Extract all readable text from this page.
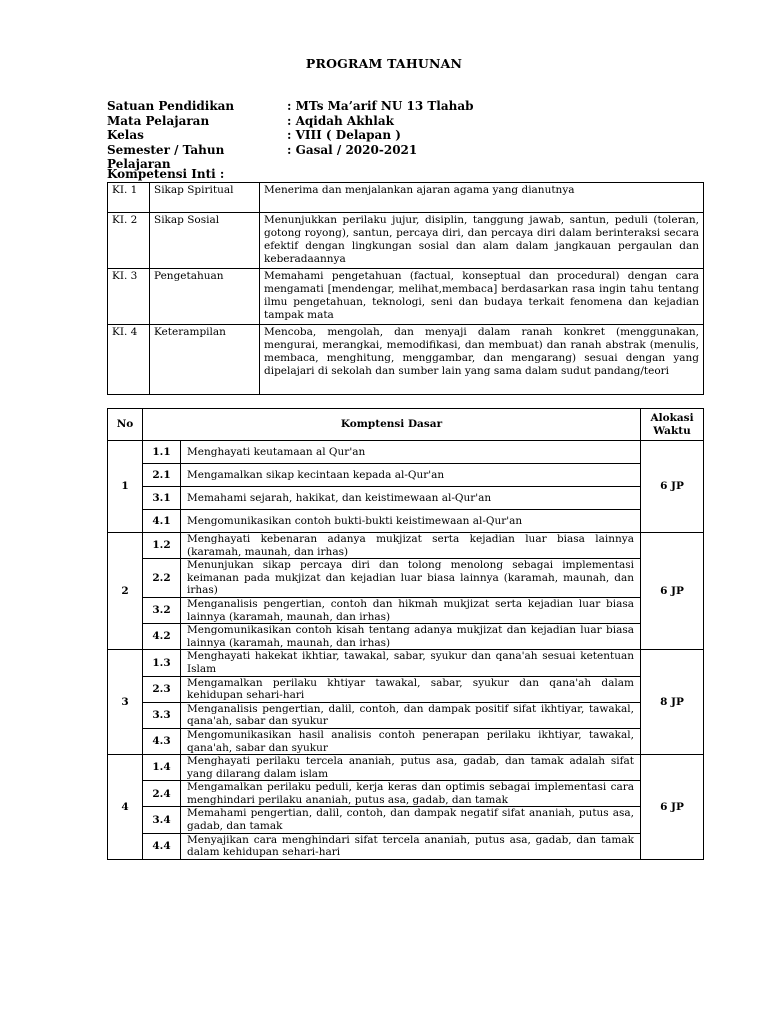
PROGRAM TAHUNAN
Satuan Pendidikan	: MTs Ma’arif NU 13 Tlahab
Mata Pelajaran	: Aqidah Akhlak
Kelas	: VIII ( Delapan )
Semester / Tahun Pelajaran
: Gasal / 2020-2021
Kompetensi Inti :
KI. 1	Sikap Spiritual	Menerima dan menjalankan ajaran agama yang dianutnya
KI. 2	Sikap Sosial	Menunjukkan perilaku jujur, disiplin, tanggung jawab, santun, peduli (toleran, gotong royong), santun, percaya diri, dan percaya diri dalam berinteraksi secara efektif dengan lingkungan sosial dan alam dalam jangkauan pergaulan dan keberadaannya
KI. 3	Pengetahuan	Memahami pengetahuan (factual, konseptual dan procedural) dengan cara mengamati [mendengar, melihat,membaca] berdasarkan rasa ingin tahu tentang ilmu pengetahuan, teknologi, seni dan budaya terkait fenomena dan kejadian tampak mata
KI. 4	Keterampilan	Mencoba, mengolah, dan menyaji dalam ranah konkret (menggunakan, mengurai, merangkai, memodifikasi, dan membuat) dan ranah abstrak (menulis, membaca, menghitung, menggambar, dan mengarang) sesuai dengan yang dipelajari di sekolah dan sumber lain yang sama dalam sudut pandang/teori
No	Komptensi Dasar		Alokasi Waktu
1	1.1	Menghayati keutamaan al Qur'an	6 JP
	2.1	Mengamalkan sikap kecintaan kepada al-Qur'an	
	3.1	Memahami sejarah, hakikat, dan keistimewaan al-Qur'an	
	4.1	Mengomunikasikan contoh bukti-bukti keistimewaan al-Qur'an	
2	1.2	Menghayati kebenaran adanya mukjizat serta kejadian luar biasa lainnya (karamah, maunah, dan irhas)	6 JP
	2.2	Menunjukan sikap percaya diri dan tolong menolong sebagai implementasi keimanan pada mukjizat dan kejadian luar biasa lainnya (karamah, maunah, dan irhas)	
	3.2	Menganalisis pengertian, contoh dan hikmah mukjizat serta kejadian luar biasa lainnya (karamah, maunah, dan irhas)	
	4.2	Mengomunikasikan contoh kisah tentang adanya mukjizat dan kejadian luar biasa lainnya (karamah, maunah, dan irhas)	
3	1.3	Menghayati hakekat ikhtiar, tawakal, sabar, syukur dan qana'ah sesuai ketentuan Islam	8 JP
	2.3	Mengamalkan perilaku khtiyar tawakal, sabar, syukur dan qana'ah dalam kehidupan sehari-hari	
	3.3	Menganalisis pengertian, dalil, contoh, dan dampak positif sifat ikhtiyar, tawakal, qana'ah, sabar dan syukur	
	4.3	Mengomunikasikan hasil analisis contoh penerapan perilaku ikhtiyar, tawakal, qana'ah, sabar dan syukur	
4	1.4	Menghayati perilaku tercela ananiah, putus asa, gadab, dan tamak adalah sifat yang dilarang dalam islam	6 JP
	2.4	Mengamalkan perilaku peduli, kerja keras dan optimis sebagai implementasi cara menghindari perilaku ananiah, putus asa, gadab, dan tamak	
	3.4	Memahami pengertian, dalil, contoh, dan dampak negatif sifat ananiah, putus asa, gadab, dan tamak	
	4.4	Menyajikan cara menghindari sifat tercela ananiah, putus asa, gadab, dan tamak dalam kehidupan sehari-hari	
